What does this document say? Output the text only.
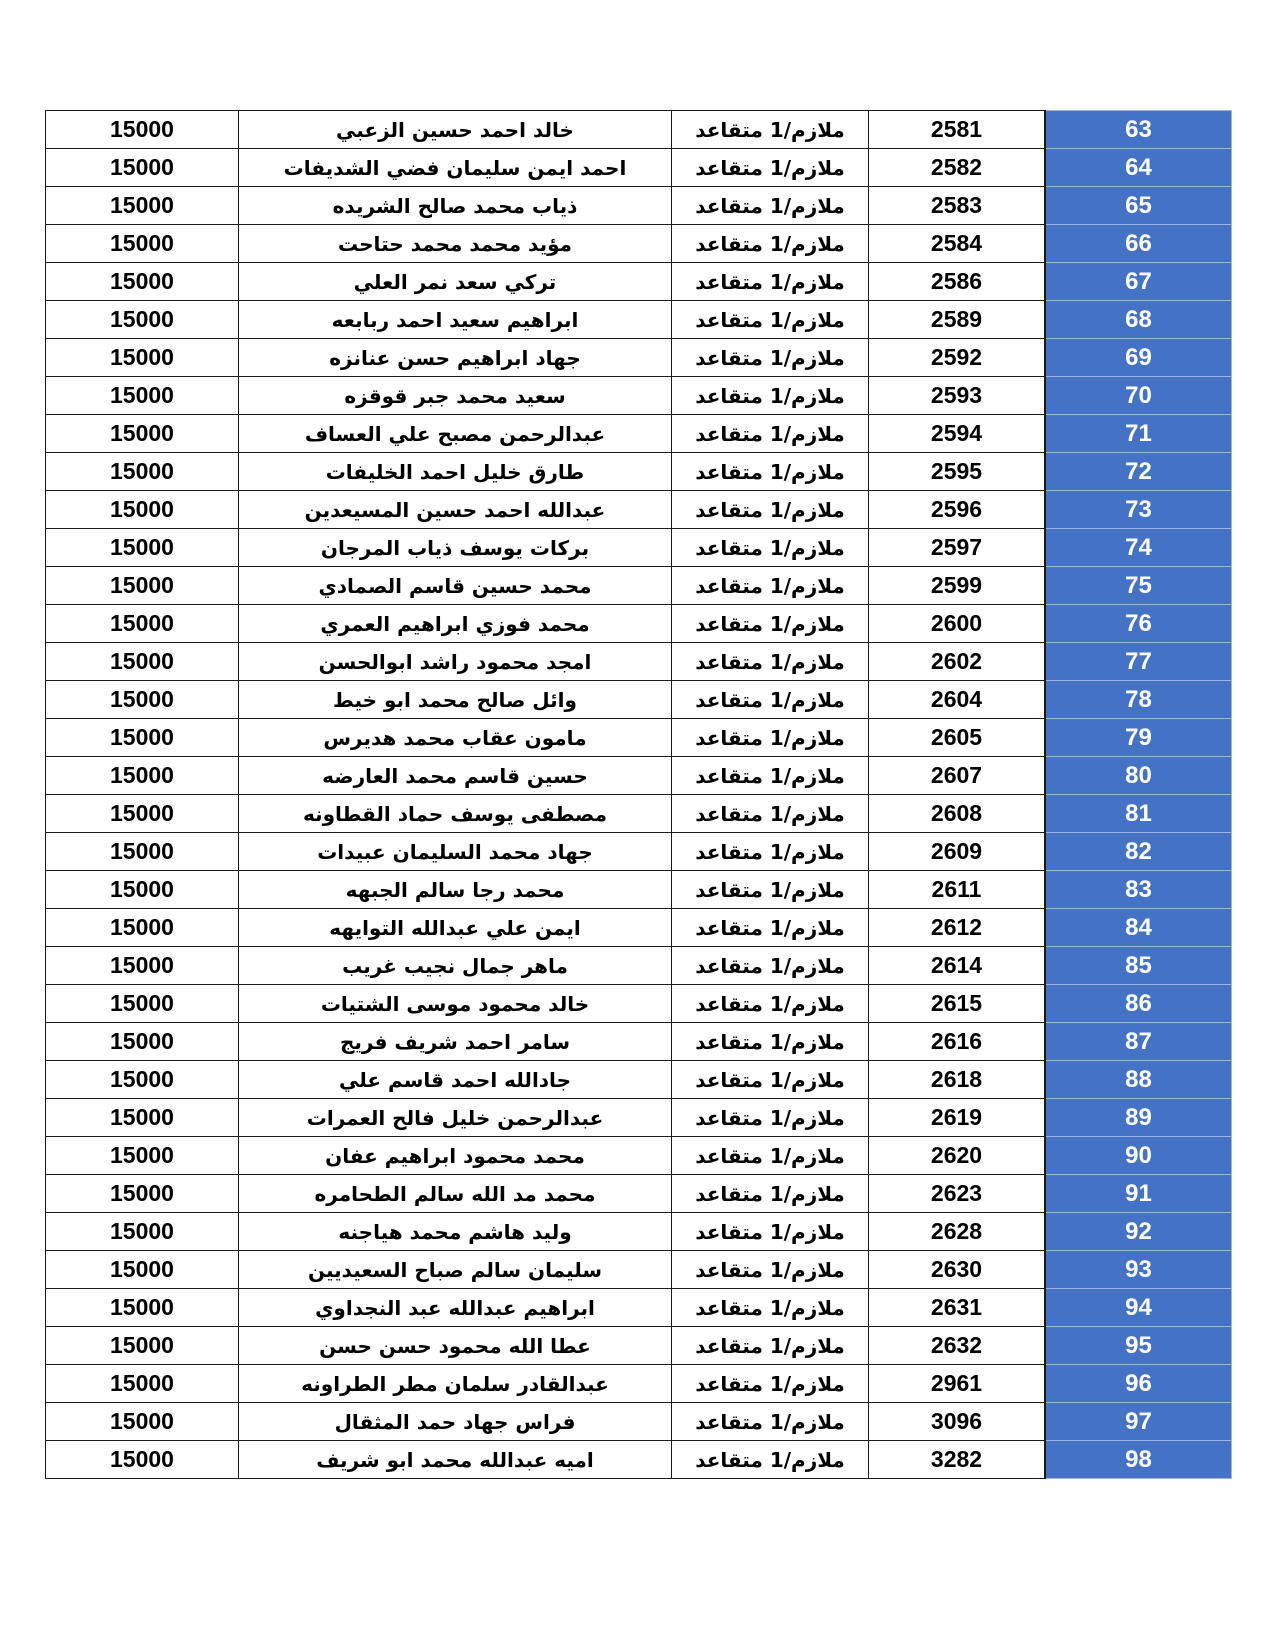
15000	خالد احمد حسين الزعبي	ملازم/1 متقاعد	2581	63
15000	احمد ايمن سليمان فضي الشديفات	ملازم/1 متقاعد	2582	64
15000	ذياب محمد صالح الشريده	ملازم/1 متقاعد	2583	65
15000	مؤيد محمد محمد حتاحت	ملازم/1 متقاعد	2584	66
15000	تركي سعد نمر العلي	ملازم/1 متقاعد	2586	67
15000	ابراهيم سعيد احمد ربابعه	ملازم/1 متقاعد	2589	68
15000	جهاد ابراهيم حسن عنانزه	ملازم/1 متقاعد	2592	69
15000	سعيد محمد جبر قوقزه	ملازم/1 متقاعد	2593	70
15000	عبدالرحمن مصبح علي العساف	ملازم/1 متقاعد	2594	71
15000	طارق خليل احمد الخليفات	ملازم/1 متقاعد	2595	72
15000	عبدالله احمد حسين المسيعدين	ملازم/1 متقاعد	2596	73
15000	بركات يوسف ذياب المرجان	ملازم/1 متقاعد	2597	74
15000	محمد حسين قاسم الصمادي	ملازم/1 متقاعد	2599	75
15000	محمد فوزي ابراهيم العمري	ملازم/1 متقاعد	2600	76
15000	امجد محمود راشد ابوالحسن	ملازم/1 متقاعد	2602	77
15000	وائل صالح محمد ابو خيط	ملازم/1 متقاعد	2604	78
15000	مامون عقاب محمد هديرس	ملازم/1 متقاعد	2605	79
15000	حسين قاسم محمد العارضه	ملازم/1 متقاعد	2607	80
15000	مصطفى يوسف حماد القطاونه	ملازم/1 متقاعد	2608	81
15000	جهاد محمد السليمان عبيدات	ملازم/1 متقاعد	2609	82
15000	محمد رجا سالم الجبهه	ملازم/1 متقاعد	2611	83
15000	ايمن علي عبدالله التوايهه	ملازم/1 متقاعد	2612	84
15000	ماهر جمال نجيب غريب	ملازم/1 متقاعد	2614	85
15000	خالد محمود موسى الشتيات	ملازم/1 متقاعد	2615	86
15000	سامر احمد شريف فريج	ملازم/1 متقاعد	2616	87
15000	جادالله احمد قاسم علي	ملازم/1 متقاعد	2618	88
15000	عبدالرحمن خليل فالح العمرات	ملازم/1 متقاعد	2619	89
15000	محمد محمود ابراهيم عفان	ملازم/1 متقاعد	2620	90
15000	محمد مد الله سالم الطحامره	ملازم/1 متقاعد	2623	91
15000	وليد هاشم محمد هياجنه	ملازم/1 متقاعد	2628	92
15000	سليمان سالم صباح السعيديين	ملازم/1 متقاعد	2630	93
15000	ابراهيم عبدالله عبد النجداوي	ملازم/1 متقاعد	2631	94
15000	عطا الله محمود حسن حسن	ملازم/1 متقاعد	2632	95
15000	عبدالقادر سلمان مطر الطراونه	ملازم/1 متقاعد	2961	96
15000	فراس جهاد حمد المثقال	ملازم/1 متقاعد	3096	97
15000	اميه عبدالله محمد ابو شريف	ملازم/1 متقاعد	3282	98
